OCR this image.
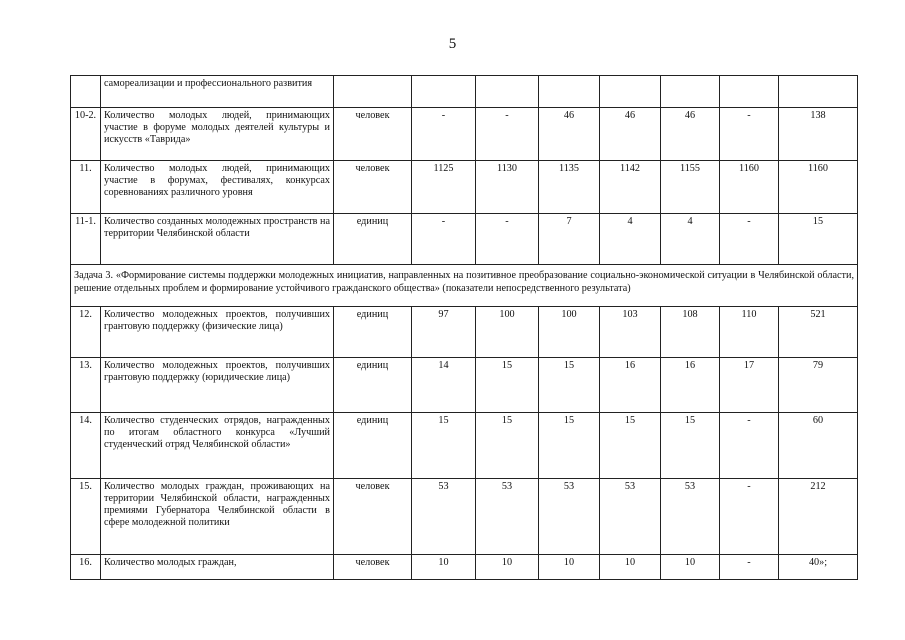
5
	самореализации и профессионального развития								
10-2.	Количество молодых людей, принимающих участие в форуме молодых деятелей культуры и искусств «Таврида»	человек	-	-	46	46	46	-	138
11.	Количество молодых людей, принимающих участие в форумах, фестивалях, конкурсах соревнованиях различного уровня	человек	1125	1130	1135	1142	1155	1160	1160
11-1.	Количество созданных молодежных пространств на территории Челябинской области	единиц	-	-	7	4	4	-	15
Задача 3. «Формирование системы поддержки молодежных инициатив, направленных на позитивное преобразование социально-экономической ситуации в Челябинской области, решение отдельных проблем и формирование устойчивого гражданского общества» (показатели непосредственного результата)									
12.	Количество молодежных проектов, получивших грантовую поддержку (физические лица)	единиц	97	100	100	103	108	110	521
13.	Количество молодежных проектов, получивших грантовую поддержку (юридические лица)	единиц	14	15	15	16	16	17	79
14.	Количество студенческих отрядов, награжденных по итогам областного конкурса «Лучший студенческий отряд Челябинской области»	единиц	15	15	15	15	15	-	60
15.	Количество молодых граждан, проживающих на территории Челябинской области, награжденных премиями Губернатора Челябинской области в сфере молодежной политики	человек	53	53	53	53	53	-	212
16.	Количество молодых граждан,	человек	10	10	10	10	10	-	40»;
